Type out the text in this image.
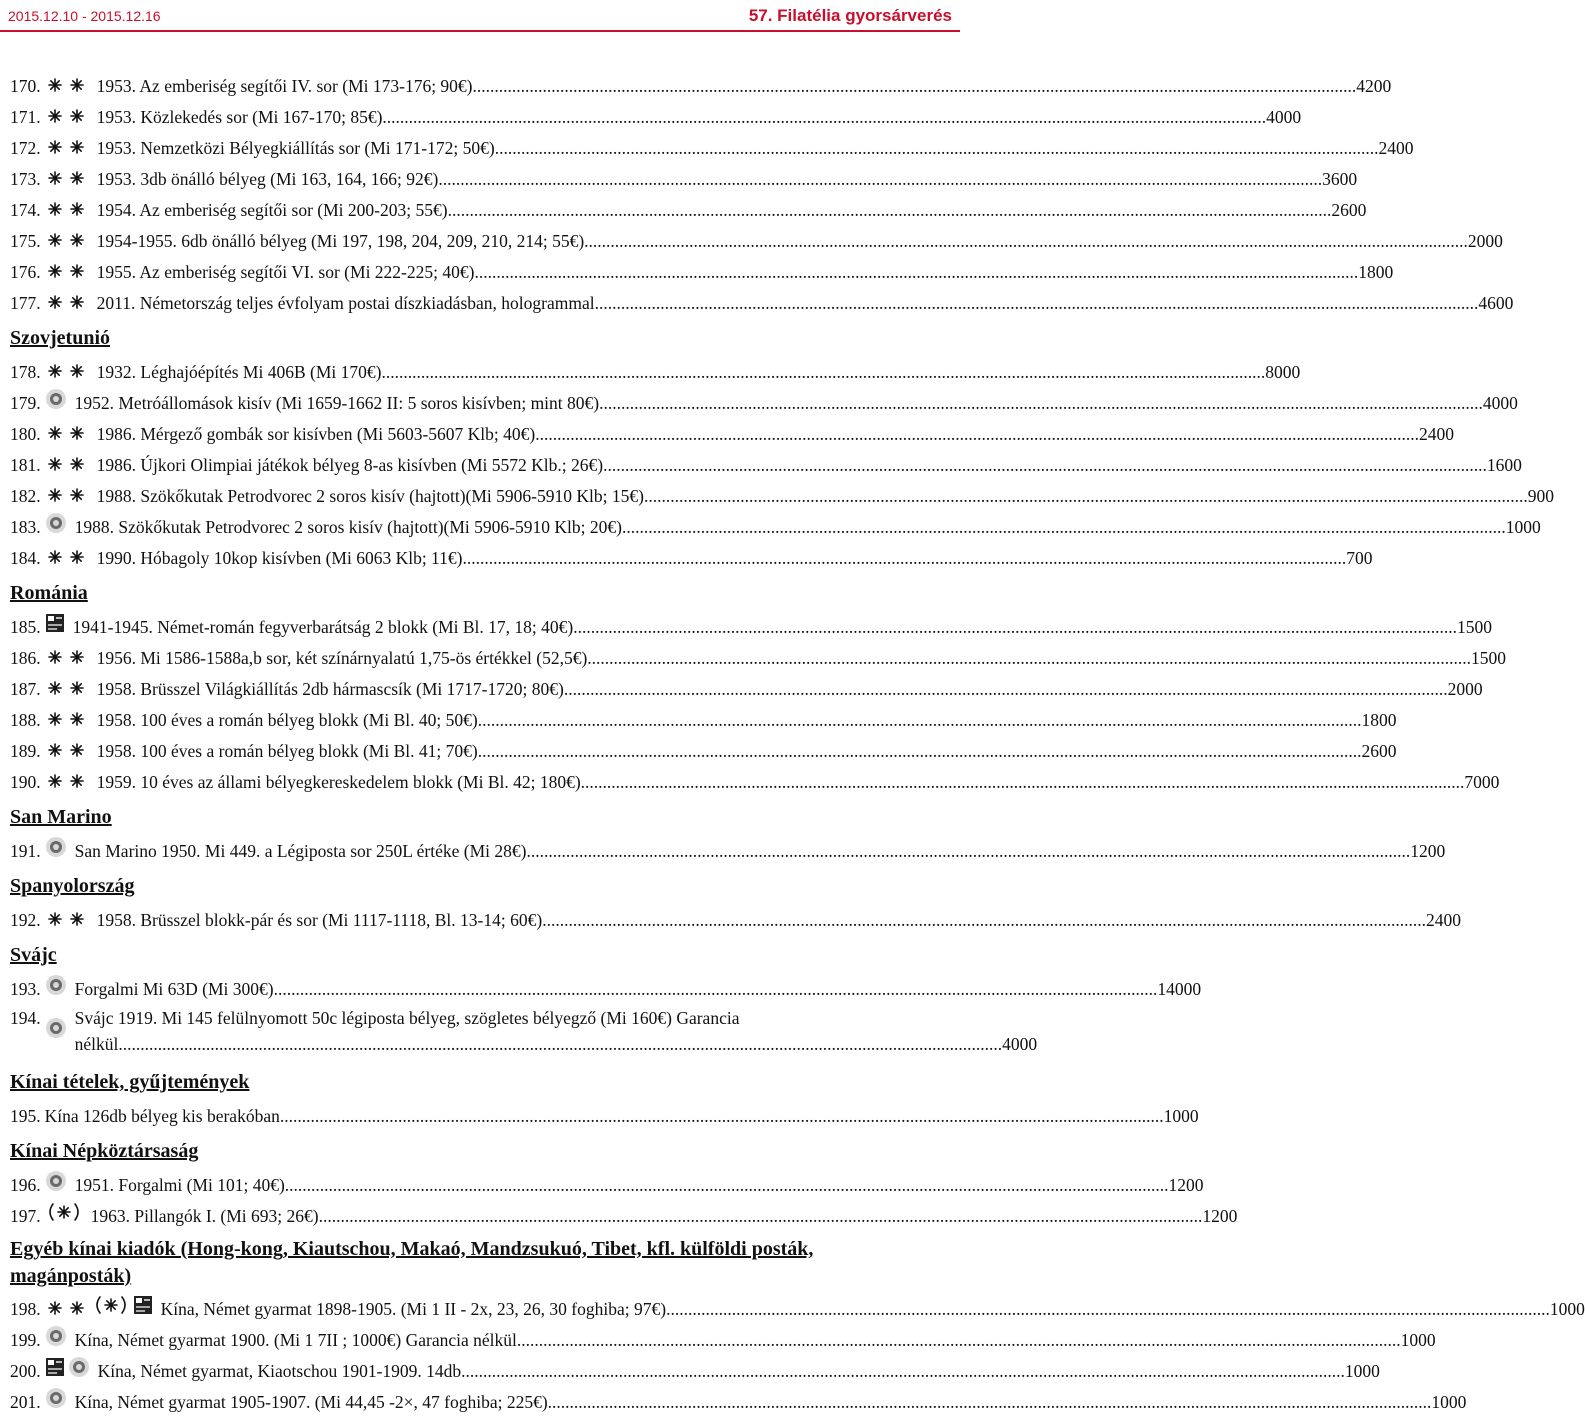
2015.12.10 - 2015.12.16	57. Filatélia gyorsárverés
170.	1953. Az emberiség segítői IV. sor (Mi 173-176; 90€) .....	4200
171.	1953. Közlekedés sor (Mi 167-170; 85€) .....	4000
172.	1953. Nemzetközi Bélyegkiállítás sor (Mi 171-172; 50€) .....	2400
173.	1953. 3db önálló bélyeg (Mi 163, 164, 166; 92€) .....	3600
174.	1954. Az emberiség segítői sor (Mi 200-203; 55€) .....	2600
175.	1954-1955. 6db önálló bélyeg (Mi 197, 198, 204, 209, 210, 214; 55€) .....	2000
176.	1955. Az emberiség segítői VI. sor (Mi 222-225; 40€) .....	1800
177.	2011. Németország teljes évfolyam postai díszkiadásban, hologrammal .....	4600
Szovjetunió
178.	1932. Léghajóépítés Mi 406B (Mi 170€) .....	8000
179. 1952. Metróállomások kisív (Mi 1659-1662 II: 5 soros kisívben; mint 80€) .....	4000
180.	1986. Mérgező gombák sor kisívben (Mi 5603-5607 Klb; 40€) .....	2400
181.	1986. Újkori Olimpiai játékok bélyeg 8-as kisívben (Mi 5572 Klb.; 26€) .....	1600
182.	1988. Szökőkutak Petrodvorec 2 soros kisív (hajtott)(Mi 5906-5910 Klb; 15€) .....	900
183. 1988. Szökőkutak Petrodvorec 2 soros kisív (hajtott)(Mi 5906-5910 Klb; 20€) .....	1000
184.	1990. Hóbagoly 10kop kisívben (Mi 6063 Klb; 11€) .....	700
Románia
185. 1941-1945. Német-román fegyverbarátság 2 blokk (Mi Bl. 17, 18; 40€) .....	1500
186.	1956. Mi 1586-1588a,b sor, két színárnyalatú 1,75-ös értékkel (52,5€) .....	1500
187.	1958. Brüsszel Világkiállítás 2db hármascsík (Mi 1717-1720; 80€) .....	2000
188.	1958. 100 éves a román bélyeg blokk (Mi Bl. 40; 50€) .....	1800
189.	1958. 100 éves a román bélyeg blokk (Mi Bl. 41; 70€) .....	2600
190.	1959. 10 éves az állami bélyegkereskedelem blokk (Mi Bl. 42; 180€) .....	7000
San Marino
191. San Marino 1950. Mi 449. a Légiposta sor 250L értéke (Mi 28€) .....	1200
Spanyolország
192.	1958. Brüsszel blokk-pár és sor (Mi 1117-1118, Bl. 13-14; 60€) .....	2400
Svájc
193. Forgalmi Mi 63D (Mi 300€) .....	14000
194. Svájc 1919. Mi 145 felülnyomott 50c légiposta bélyeg, szögletes bélyegző (Mi 160€) Garancia
nélkül .....	4000
Kínai tételek, gyűjtemények
195. Kína 126db bélyeg kis berakóban .....	1000
Kínai Népköztársaság
196. 1951. Forgalmi (Mi 101; 40€) .....	1200
197.	1963. Pillangók I. (Mi 693; 26€) .....	1200
Egyéb kínai kiadók (Hong-kong, Kiautschou, Makaó, Mandzsukuó, Tibet, kfl. külföldi posták, magánposták)
198.	Kína, Német gyarmat 1898-1905. (Mi 1 II - 2x, 23, 26, 30 foghiba; 97€) .....	1000
199. Kína, Német gyarmat 1900. (Mi 1 7II ; 1000€) Garancia nélkül .....	1000
200.	Kína, Német gyarmat, Kiaotschou 1901-1909. 14db .....	1000
201. Kína, Német gyarmat 1905-1907. (Mi 44,45 -2×, 47 foghiba; 225€) .....	1000
